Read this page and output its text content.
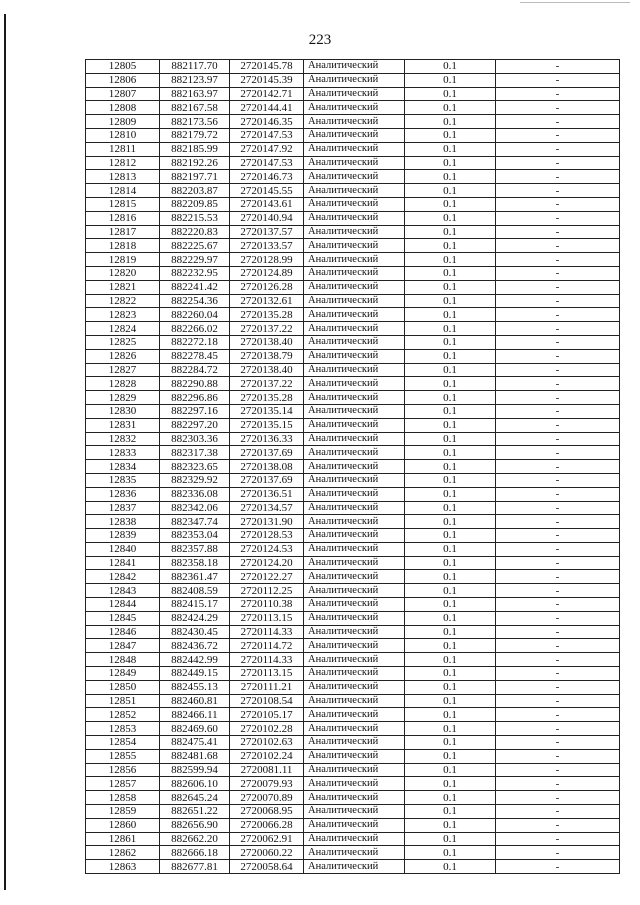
223
12805	882117.70	2720145.78	Аналитический	0.1	-
12806	882123.97	2720145.39	Аналитический	0.1	-
12807	882163.97	2720142.71	Аналитический	0.1	-
12808	882167.58	2720144.41	Аналитический	0.1	-
12809	882173.56	2720146.35	Аналитический	0.1	-
12810	882179.72	2720147.53	Аналитический	0.1	-
12811	882185.99	2720147.92	Аналитический	0.1	-
12812	882192.26	2720147.53	Аналитический	0.1	-
12813	882197.71	2720146.73	Аналитический	0.1	-
12814	882203.87	2720145.55	Аналитический	0.1	-
12815	882209.85	2720143.61	Аналитический	0.1	-
12816	882215.53	2720140.94	Аналитический	0.1	-
12817	882220.83	2720137.57	Аналитический	0.1	-
12818	882225.67	2720133.57	Аналитический	0.1	-
12819	882229.97	2720128.99	Аналитический	0.1	-
12820	882232.95	2720124.89	Аналитический	0.1	-
12821	882241.42	2720126.28	Аналитический	0.1	-
12822	882254.36	2720132.61	Аналитический	0.1	-
12823	882260.04	2720135.28	Аналитический	0.1	-
12824	882266.02	2720137.22	Аналитический	0.1	-
12825	882272.18	2720138.40	Аналитический	0.1	-
12826	882278.45	2720138.79	Аналитический	0.1	-
12827	882284.72	2720138.40	Аналитический	0.1	-
12828	882290.88	2720137.22	Аналитический	0.1	-
12829	882296.86	2720135.28	Аналитический	0.1	-
12830	882297.16	2720135.14	Аналитический	0.1	-
12831	882297.20	2720135.15	Аналитический	0.1	-
12832	882303.36	2720136.33	Аналитический	0.1	-
12833	882317.38	2720137.69	Аналитический	0.1	-
12834	882323.65	2720138.08	Аналитический	0.1	-
12835	882329.92	2720137.69	Аналитический	0.1	-
12836	882336.08	2720136.51	Аналитический	0.1	-
12837	882342.06	2720134.57	Аналитический	0.1	-
12838	882347.74	2720131.90	Аналитический	0.1	-
12839	882353.04	2720128.53	Аналитический	0.1	-
12840	882357.88	2720124.53	Аналитический	0.1	-
12841	882358.18	2720124.20	Аналитический	0.1	-
12842	882361.47	2720122.27	Аналитический	0.1	-
12843	882408.59	2720112.25	Аналитический	0.1	-
12844	882415.17	2720110.38	Аналитический	0.1	-
12845	882424.29	2720113.15	Аналитический	0.1	-
12846	882430.45	2720114.33	Аналитический	0.1	-
12847	882436.72	2720114.72	Аналитический	0.1	-
12848	882442.99	2720114.33	Аналитический	0.1	-
12849	882449.15	2720113.15	Аналитический	0.1	-
12850	882455.13	2720111.21	Аналитический	0.1	-
12851	882460.81	2720108.54	Аналитический	0.1	-
12852	882466.11	2720105.17	Аналитический	0.1	-
12853	882469.60	2720102.28	Аналитический	0.1	-
12854	882475.41	2720102.63	Аналитический	0.1	-
12855	882481.68	2720102.24	Аналитический	0.1	-
12856	882599.94	2720081.11	Аналитический	0.1	-
12857	882606.10	2720079.93	Аналитический	0.1	-
12858	882645.24	2720070.89	Аналитический	0.1	-
12859	882651.22	2720068.95	Аналитический	0.1	-
12860	882656.90	2720066.28	Аналитический	0.1	-
12861	882662.20	2720062.91	Аналитический	0.1	-
12862	882666.18	2720060.22	Аналитический	0.1	-
12863	882677.81	2720058.64	Аналитический	0.1	-
